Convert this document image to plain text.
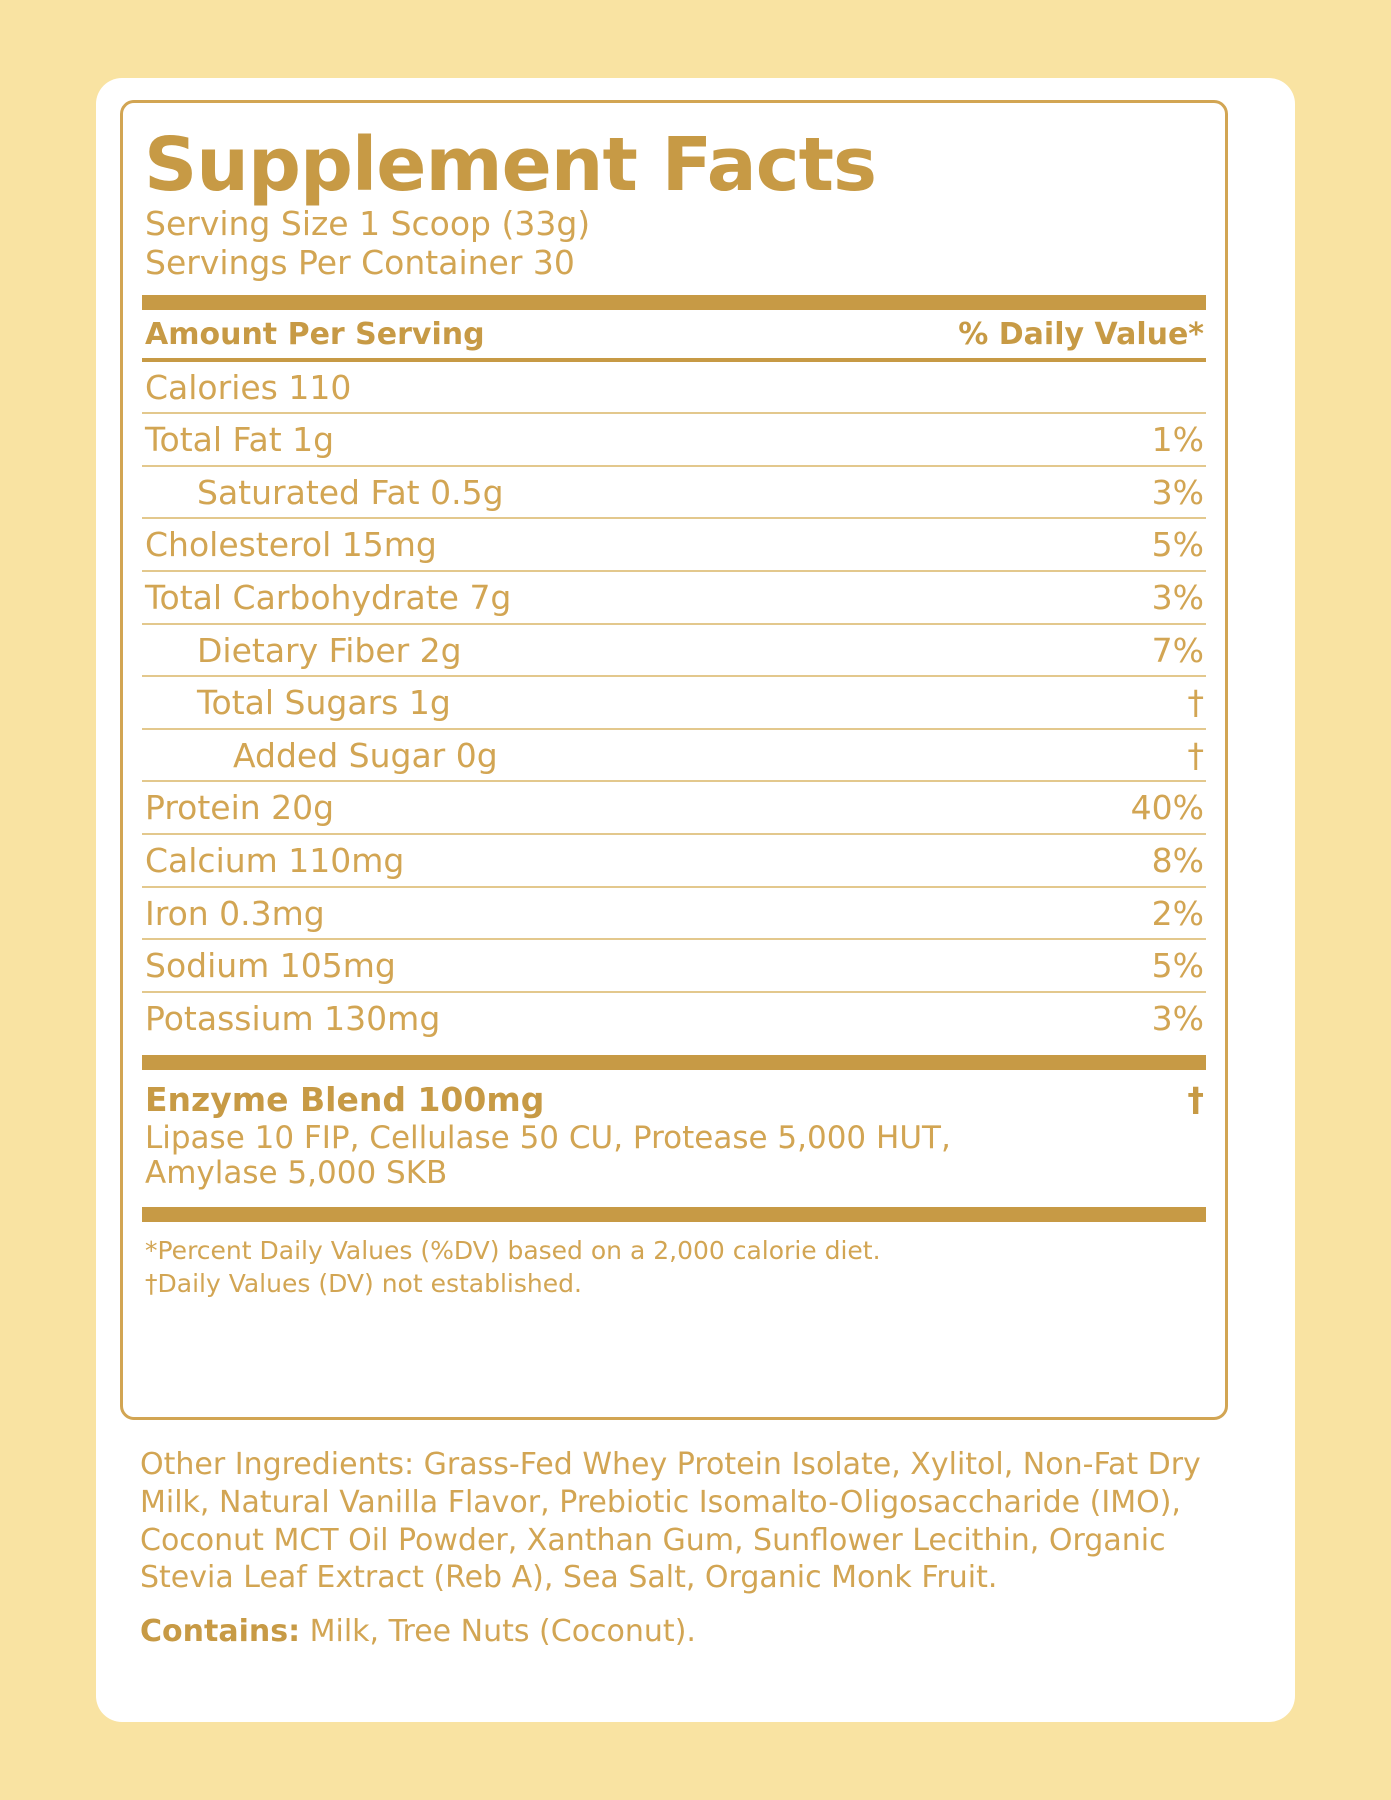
Supplement Facts
Serving Size 1 Scoop (33g)
Servings Per Container 30
Amount Per Serving	% Daily Value*
Calories 110
Total Fat 1g	1%
Saturated Fat 0.5g	3%
Cholesterol 15mg	5%
Total Carbohydrate 7g	3%
Dietary Fiber 2g	7%
Total Sugars 1g	†
Added Sugar 0g	†
Protein 20g	40%
Calcium 110mg	8%
Iron 0.3mg	2%
Sodium 105mg	5%
Potassium 130mg	3%
Enzyme Blend 100mg	†
Lipase 10 FIP, Cellulase 50 CU, Protease 5,000 HUT, Amylase 5,000 SKB
*Percent Daily Values (%DV) based on a 2,000 calorie diet.
†Daily Values (DV) not established.
Other Ingredients: Grass-Fed Whey Protein Isolate, Xylitol, Non-Fat Dry Milk, Natural Vanilla Flavor, Prebiotic Isomalto-Oligosaccharide (IMO), Coconut MCT Oil Powder, Xanthan Gum, Sunflower Lecithin, Organic Stevia Leaf Extract (Reb A), Sea Salt, Organic Monk Fruit.
Contains: Milk, Tree Nuts (Coconut).
